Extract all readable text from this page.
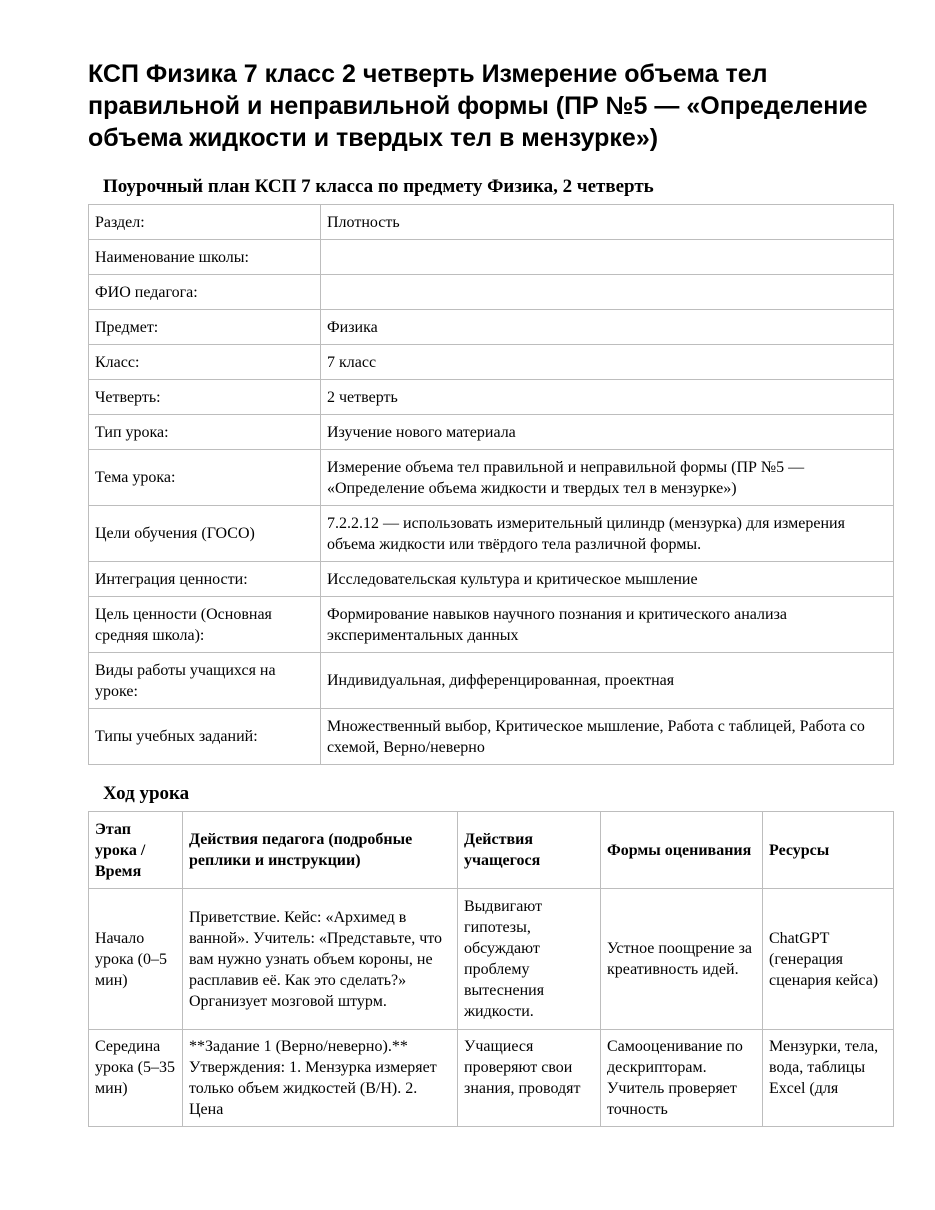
КСП Физика 7 класс 2 четверть Измерение объема тел правильной и неправильной формы (ПР №5 — «Определение объема жидкости и твердых тел в мензурке»)
Поурочный план КСП 7 класса по предмету Физика, 2 четверть
Раздел:	Плотность
Наименование школы:	
ФИО педагога:	
Предмет:	Физика
Класс:	7 класс
Четверть:	2 четверть
Тип урока:	Изучение нового материала
Тема урока:	Измерение объема тел правильной и неправильной формы (ПР №5 — «Определение объема жидкости и твердых тел в мензурке»)
Цели обучения (ГОСО)	7.2.2.12 — использовать измерительный цилиндр (мензурка) для измерения объема жидкости или твёрдого тела различной формы.
Интеграция ценности:	Исследовательская культура и критическое мышление
Цель ценности (Основная средняя школа):	Формирование навыков научного познания и критического анализа экспериментальных данных
Виды работы учащихся на уроке:	Индивидуальная, дифференцированная, проектная
Типы учебных заданий:	Множественный выбор, Критическое мышление, Работа с таблицей, Работа со схемой, Верно/неверно
Ход урока
Этап урока / Время	Действия педагога (подробные реплики и инструкции)	Действия учащегося	Формы оценивания	Ресурсы
Начало урока (0–5 мин)	Приветствие. Кейс: «Архимед в ванной». Учитель: «Представьте, что вам нужно узнать объем короны, не расплавив её. Как это сделать?» Организует мозговой штурм.	Выдвигают гипотезы, обсуждают проблему вытеснения жидкости.	Устное поощрение за креативность идей.	ChatGPT (генерация сценария кейса)
Середина урока (5–35 мин)	**Задание 1 (Верно/неверно).** Утверждения: 1. Мензурка измеряет только объем жидкостей (В/Н). 2. Цена	Учащиеся проверяют свои знания, проводят	Самооценивание по дескрипторам. Учитель проверяет точность	Мензурки, тела, вода, таблицы Excel (для
